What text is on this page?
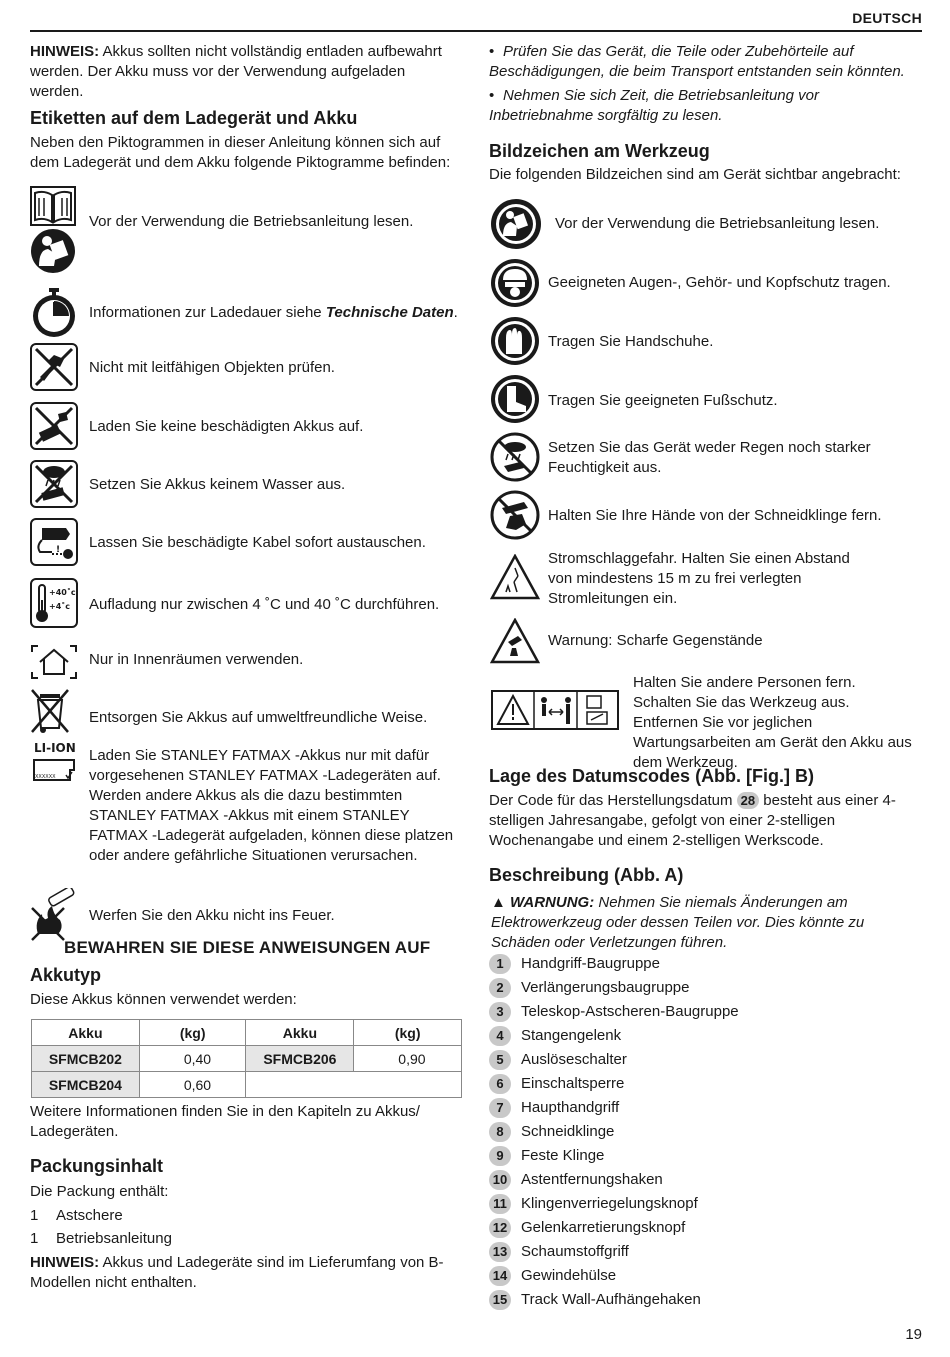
DEUTSCH
HINWEIS: Akkus sollten nicht vollständig entladen aufbewahrt werden. Der Akku muss vor der Verwendung aufgeladen werden.
Etiketten auf dem Ladegerät und Akku
Neben den Piktogrammen in dieser Anleitung können sich auf dem Ladegerät und dem Akku folgende Piktogramme befinden:
Vor der Verwendung die Betriebsanleitung lesen.
Informationen zur Ladedauer siehe Technische Daten.
Nicht mit leitfähigen Objekten prüfen.
Laden Sie keine beschädigten Akkus auf.
Setzen Sie Akkus keinem Wasser aus.
! Lassen Sie beschädigte Kabel sofort austauschen.
+40˚c
+4˚c Aufladung nur zwischen 4 ˚C und 40 ˚C durchführen.
Nur in Innenräumen verwenden.
Entsorgen Sie Akkus auf umweltfreundliche Weise.
LI-ION
XXXXXX
Laden Sie STANLEY FATMAX -Akkus nur mit dafür vorgesehenen STANLEY FATMAX -Ladegeräten auf. Werden andere Akkus als die dazu bestimmten STANLEY FATMAX -Akkus mit einem STANLEY FATMAX -Ladegerät aufgeladen, können diese platzen oder andere gefährliche Situationen verursachen.
Werfen Sie den Akku nicht ins Feuer.
BEWAHREN SIE DIESE ANWEISUNGEN AUF
Akkutyp
Diese Akkus können verwendet werden:
Akku	(kg)	Akku	(kg)
SFMCB202	0,40	SFMCB206	0,90
SFMCB204	0,60		
Weitere Informationen finden Sie in den Kapiteln zu Akkus/ Ladegeräten.
Packungsinhalt
Die Packung enthält:
1 Astschere
1 Betriebsanleitung
HINWEIS: Akkus und Ladegeräte sind im Lieferumfang von B-Modellen nicht enthalten.
• Prüfen Sie das Gerät, die Teile oder Zubehörteile auf Beschädigungen, die beim Transport entstanden sein könnten.
• Nehmen Sie sich Zeit, die Betriebsanleitung vor Inbetriebnahme sorgfältig zu lesen.
Bildzeichen am Werkzeug
Die folgenden Bildzeichen sind am Gerät sichtbar angebracht:
Vor der Verwendung die Betriebsanleitung lesen.
Geeigneten Augen-, Gehör- und Kopfschutz tragen.
Tragen Sie Handschuhe.
Tragen Sie geeigneten Fußschutz.
Setzen Sie das Gerät weder Regen noch starker Feuchtigkeit aus.
Halten Sie Ihre Hände von der Schneidklinge fern.
Stromschlaggefahr. Halten Sie einen Abstand von mindestens 15 m zu frei verlegten Stromleitungen ein.
Warnung: Scharfe Gegenstände
Halten Sie andere Personen fern. Schalten Sie das Werkzeug aus. Entfernen Sie vor jeglichen Wartungsarbeiten am Gerät den Akku aus dem Werkzeug.
Lage des Datumscodes (Abb. [Fig.] B)
Der Code für das Herstellungsdatum 28 besteht aus einer 4-stelligen Jahresangabe, gefolgt von einer 2-stelligen Wochenangabe und einem 2-stelligen Werkscode.
Beschreibung (Abb. A)
▲ WARNUNG: Nehmen Sie niemals Änderungen am Elektrowerkzeug oder dessen Teilen vor. Dies könnte zu Schäden oder Verletzungen führen.
1 Handgriff-Baugruppe
2 Verlängerungsbaugruppe
3 Teleskop-Astscheren-Baugruppe
4 Stangengelenk
5 Auslöseschalter
6 Einschaltsperre
7 Haupthandgriff
8 Schneidklinge
9 Feste Klinge
10 Astentfernungshaken
11 Klingenverriegelungsknopf
12 Gelenkarretierungsknopf
13 Schaumstoffgriff
14 Gewindehülse
15 Track Wall-Aufhängehaken
19
